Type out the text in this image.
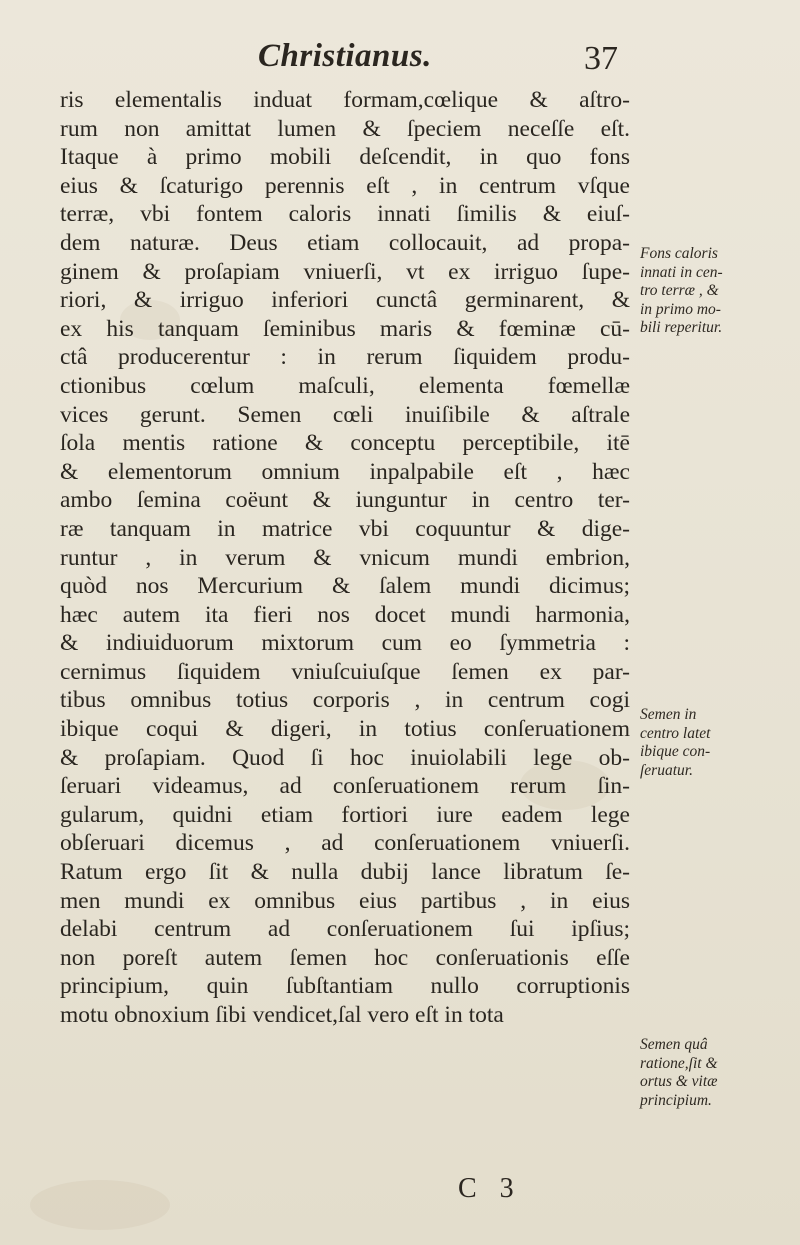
Christianus.	37
ris elementalis induat formam,cœlique & aſtro-
rum non amittat lumen & ſpeciem neceſſe eſt.
Itaque à primo mobili deſcendit, in quo fons
eius & ſcaturigo perennis eſt , in centrum vſque
terræ, vbi fontem caloris innati ſimilis & eiuſ-
dem naturæ. Deus etiam collocauit, ad propa-
ginem & proſapiam vniuerſi, vt ex irriguo ſupe-
riori, & irriguo inferiori cunctâ germinarent, &
ex his tanquam ſeminibus maris & fœminæ cū-
ctâ producerentur : in rerum ſiquidem produ-
ctionibus cœlum maſculi, elementa fœmellæ
vices gerunt. Semen cœli inuiſibile & aſtrale
ſola mentis ratione & conceptu perceptibile, itē
& elementorum omnium inpalpabile eſt , hæc
ambo ſemina coëunt & iunguntur in centro ter-
ræ tanquam in matrice vbi coquuntur & dige-
runtur , in verum & vnicum mundi embrion,
quòd nos Mercurium & ſalem mundi dicimus;
hæc autem ita fieri nos docet mundi harmonia,
& indiuiduorum mixtorum cum eo ſymmetria :
cernimus ſiquidem vniuſcuiuſque ſemen ex par-
tibus omnibus totius corporis , in centrum cogi
ibique coqui & digeri, in totius conſeruationem
& proſapiam. Quod ſi hoc inuiolabili lege ob-
ſeruari videamus, ad conſeruationem rerum ſin-
gularum, quidni etiam fortiori iure eadem lege
obſeruari dicemus , ad conſeruationem vniuerſi.
Ratum ergo ſit & nulla dubij lance libratum ſe-
men mundi ex omnibus eius partibus , in eius
delabi centrum ad conſeruationem ſui ipſius;
non poreſt autem ſemen hoc conſeruationis eſſe
principium, quin ſubſtantiam nullo corruptionis
motu obnoxium ſibi vendicet,ſal vero eſt in tota
Fons caloris
innati in cen-
tro terræ , &
in primo mo-
bili reperitur.
Semen in
centro latet
ibique con-
ſeruatur.
Semen quâ
ratione,ſit &
ortus & vitæ
principium.
C 3
